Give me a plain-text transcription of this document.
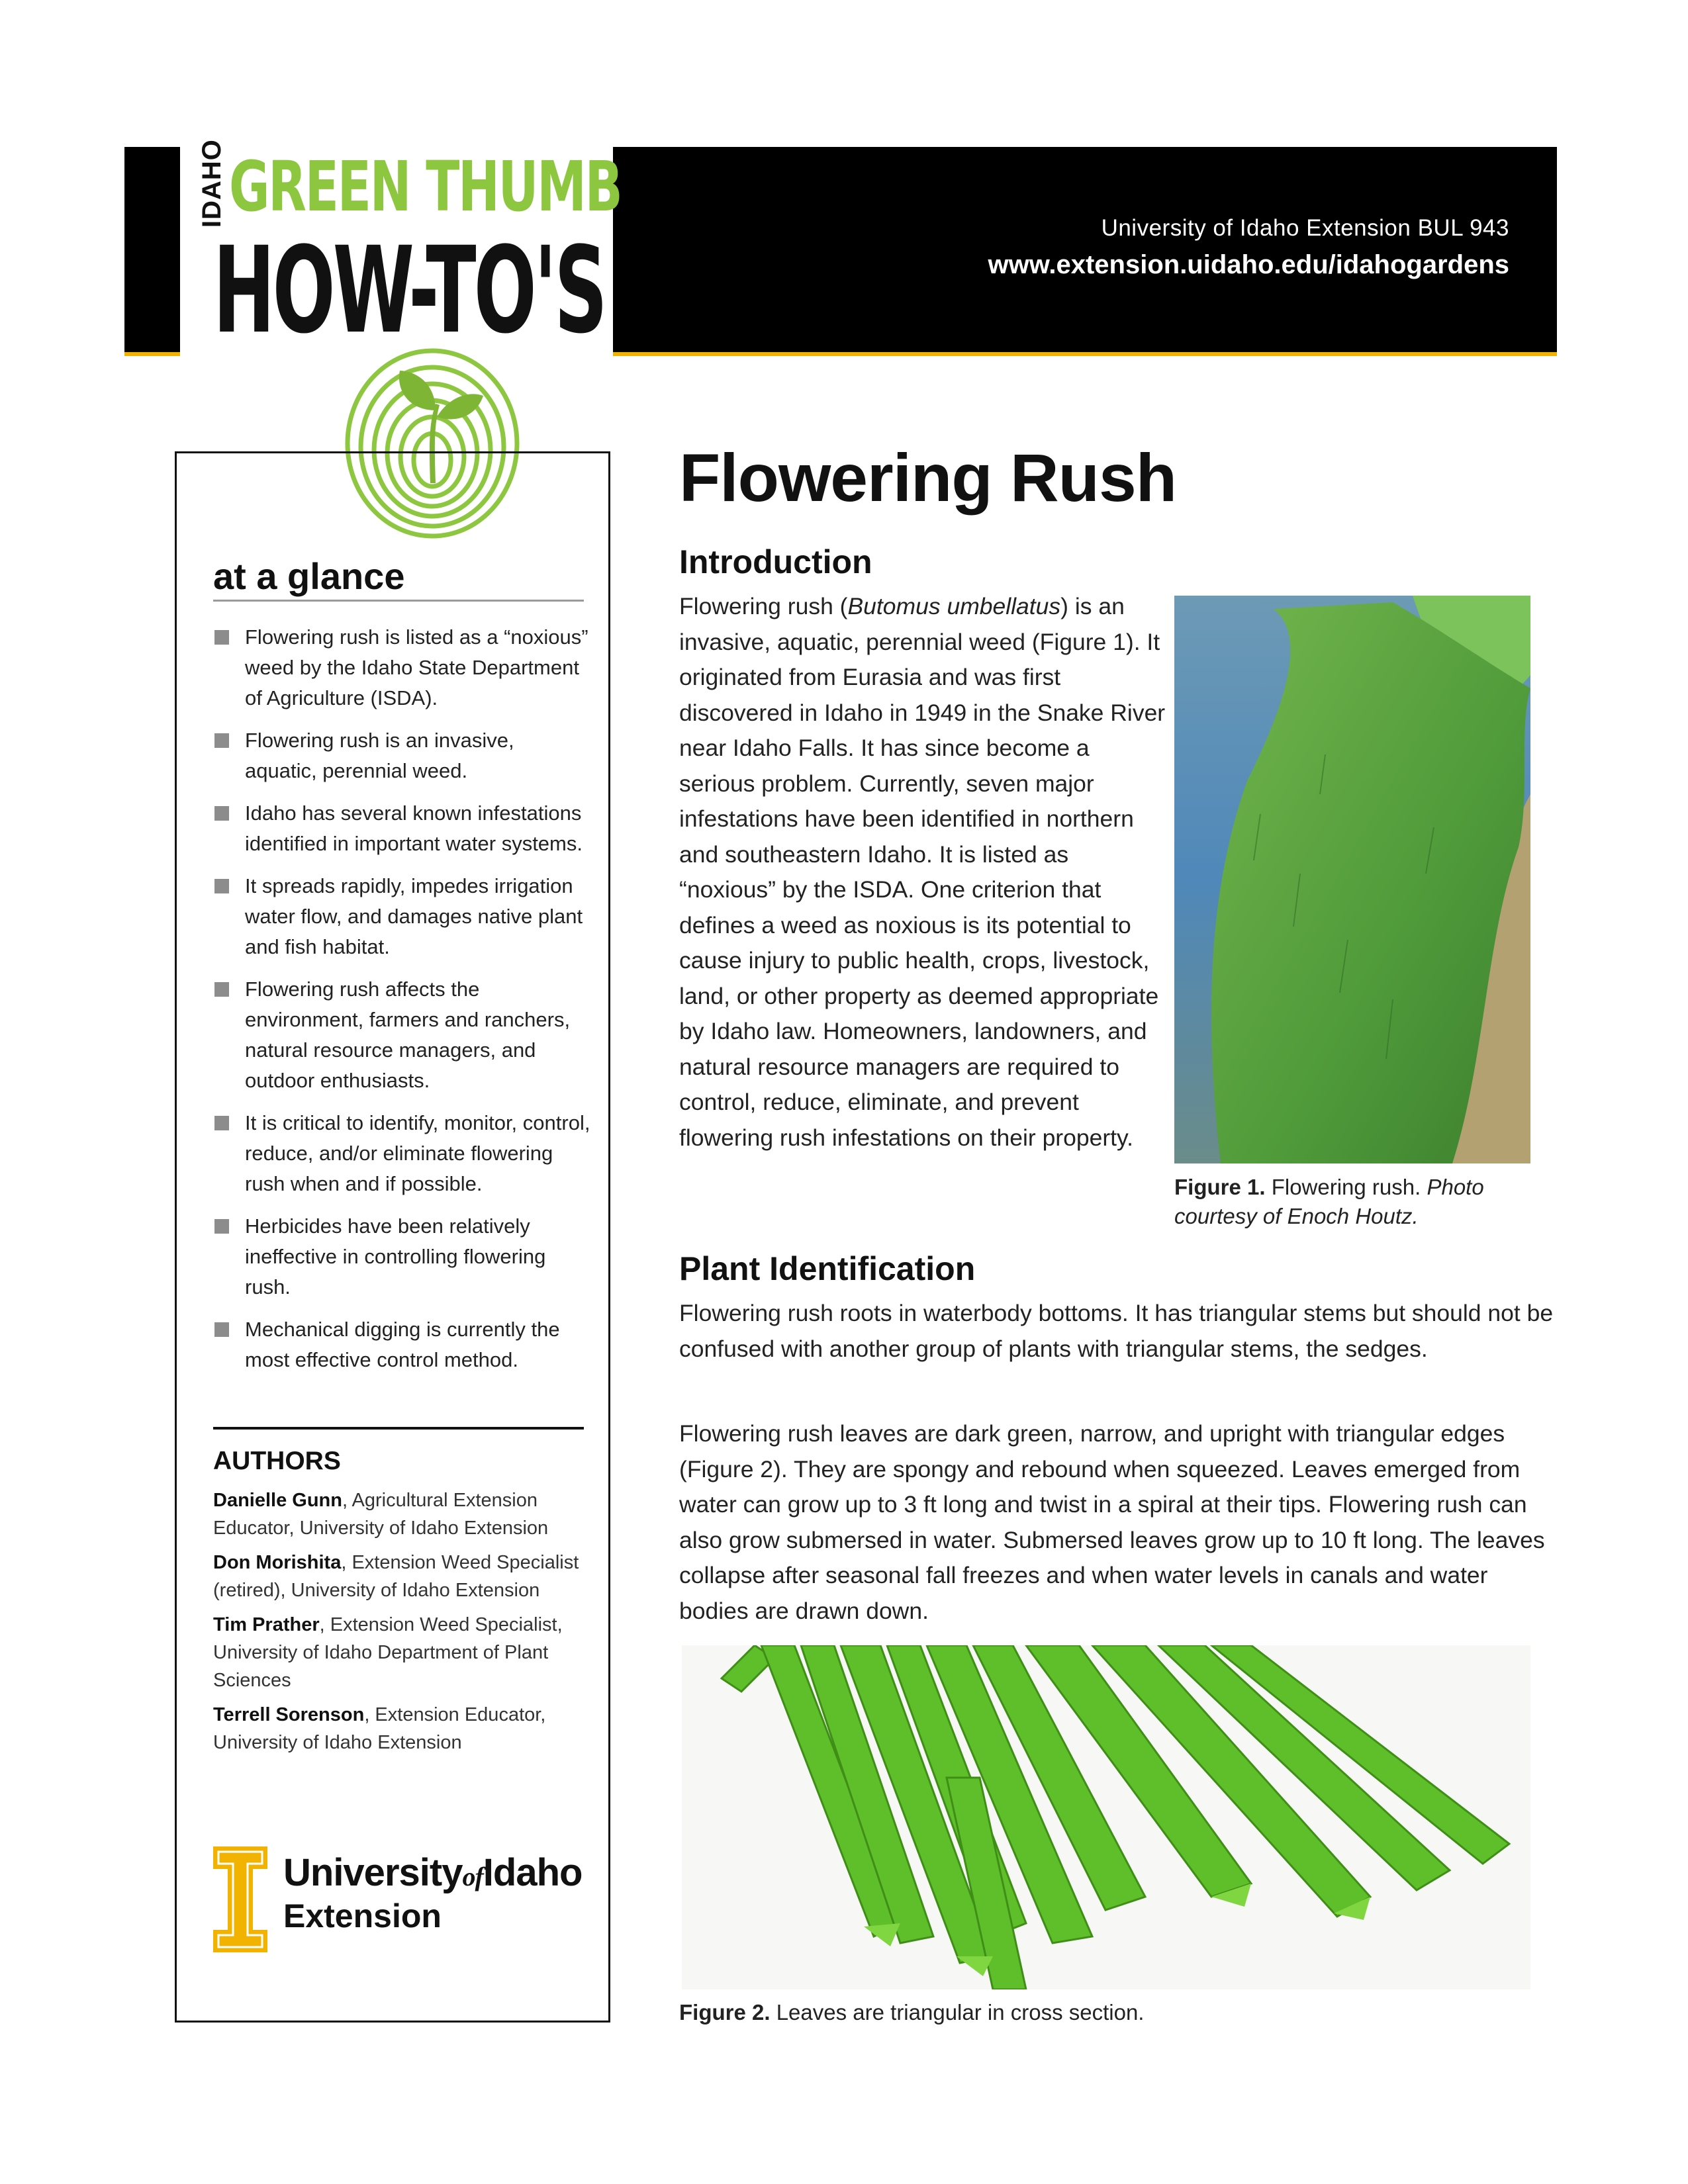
University of Idaho Extension BUL 943
www.extension.uidaho.edu/idahogardens
IDAHO GREEN THUMB
HOW-TO'S
at a glance
Flowering rush is listed as a “noxious” weed by the Idaho State Department of Agriculture (ISDA).
Flowering rush is an invasive, aquatic, perennial weed.
Idaho has several known infestations identified in important water systems.
It spreads rapidly, impedes irrigation water flow, and damages native plant and fish habitat.
Flowering rush affects the environment, farmers and ranchers, natural resource managers, and outdoor enthusiasts.
It is critical to identify, monitor, control, reduce, and/or eliminate flowering rush when and if possible.
Herbicides have been relatively ineffective in controlling flowering rush.
Mechanical digging is currently the most effective control method.
AUTHORS
Danielle Gunn, Agricultural Extension Educator, University of Idaho Extension
Don Morishita, Extension Weed Specialist (retired), University of Idaho Extension
Tim Prather, Extension Weed Specialist, University of Idaho Department of Plant Sciences
Terrell Sorenson, Extension Educator, University of Idaho Extension
UniversityofIdaho
Extension
Flowering Rush
Introduction

Flowering rush (Butomus umbellatus) is an invasive, aquatic, perennial weed (Figure 1). It originated from Eurasia and was first discovered in Idaho in 1949 in the Snake River near Idaho Falls. It has since become a serious problem. Currently, seven major infestations have been identified in northern and southeastern Idaho. It is listed as “noxious” by the ISDA. One criterion that defines a weed as noxious is its potential to cause injury to public health, crops, livestock, land, or other property as deemed appropriate by Idaho law. Homeowners, landowners, and natural resource managers are required to control, reduce, eliminate, and prevent flowering rush infestations on their property.

Figure 1. Flowering rush. Photo courtesy of Enoch Houtz.
Plant Identification

Flowering rush roots in waterbody bottoms. It has triangular stems but should not be confused with another group of plants with triangular stems, the sedges.

Flowering rush leaves are dark green, narrow, and upright with triangular edges (Figure 2). They are spongy and rebound when squeezed. Leaves emerged from water can grow up to 3 ft long and twist in a spiral at their tips. Flowering rush can also grow submersed in water. Submersed leaves grow up to 10 ft long. The leaves collapse after seasonal fall freezes and when water levels in canals and water bodies are drawn down.

Figure 2. Leaves are triangular in cross section.
